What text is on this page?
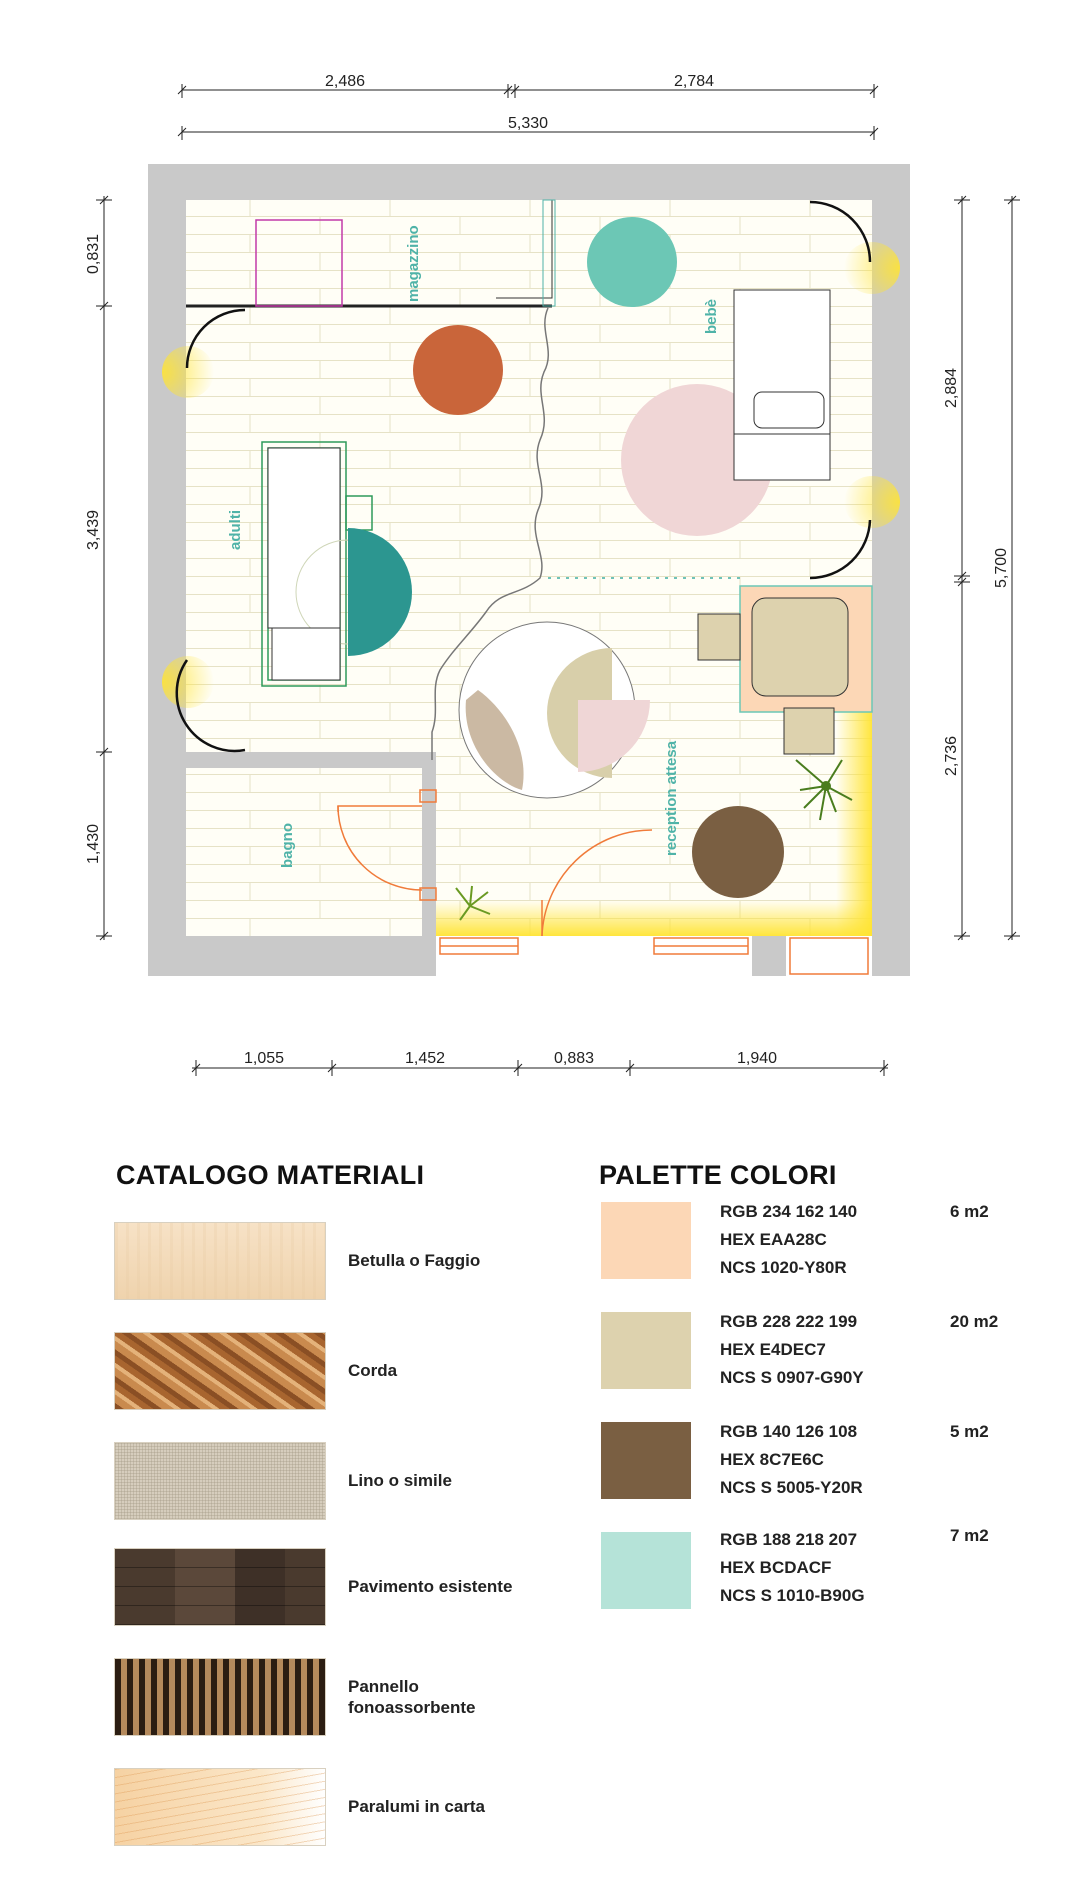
magazzino
bebè
adulti
bagno	reception attesa
2,486	2,784
5,330
0,831
3,439
1,430
2,884
2,736
5,700
1,055	1,452	0,883	1,940
CATALOGO MATERIALI
Betulla o Faggio
Corda
Lino o simile
Pavimento esistente
Pannello fonoassorbente
Paralumi in carta
PALETTE COLORI
RGB 234 162 140
HEX EAA28C
NCS 1020-Y80R
6 m2
RGB 228 222 199
HEX E4DEC7
NCS S 0907-G90Y
20 m2
RGB 140 126 108
HEX 8C7E6C
NCS S 5005-Y20R
5 m2
RGB 188 218 207
HEX BCDACF
NCS S 1010-B90G
7 m2
